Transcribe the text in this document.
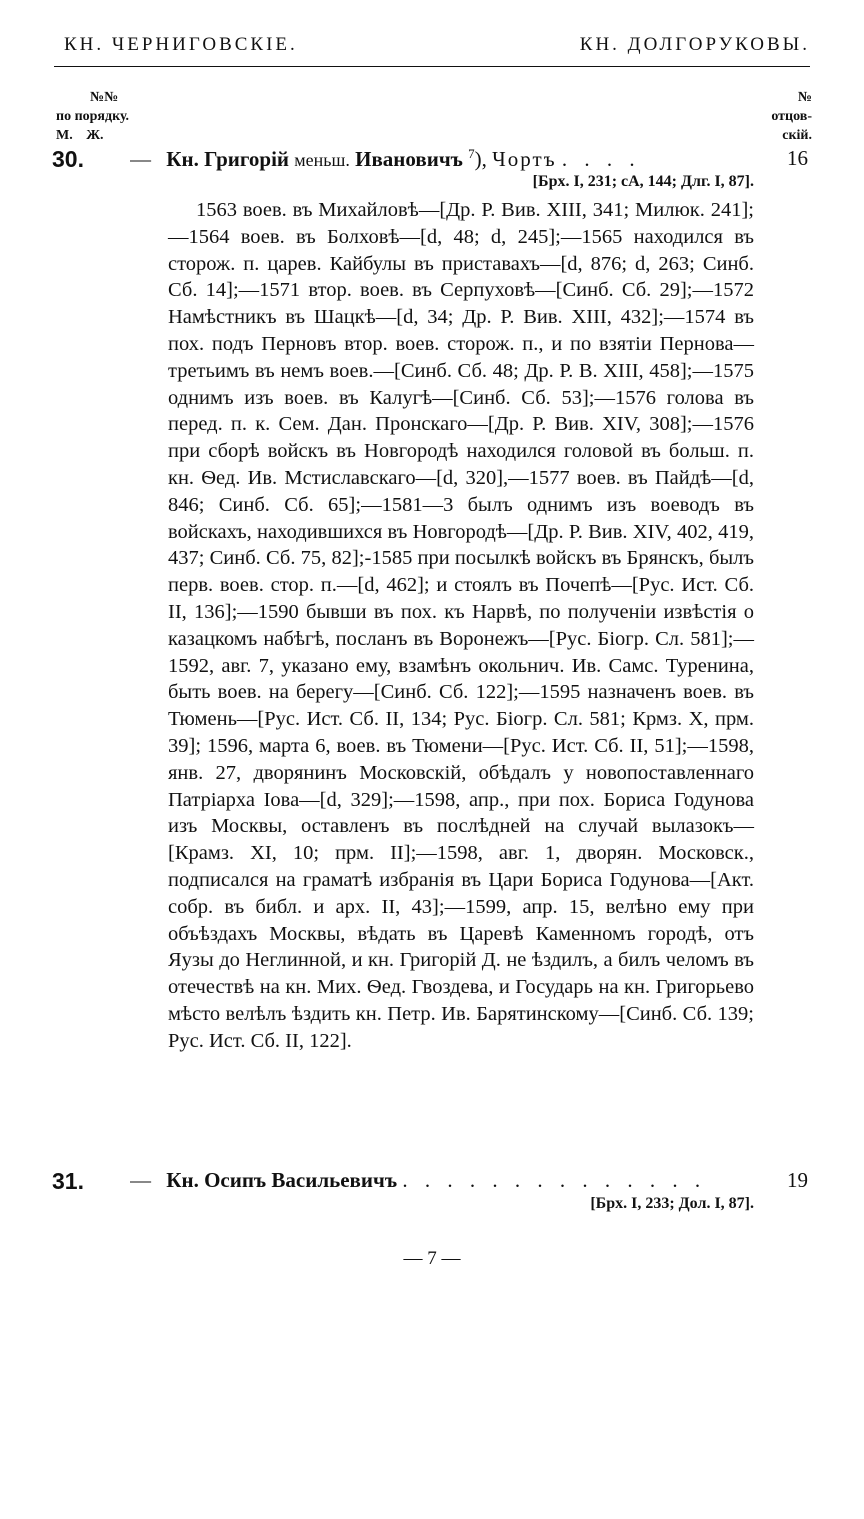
КН. ЧЕРНИГОВСКІЕ.	КН. ДОЛГОРУКОВЫ.
№№
по порядку.
М. Ж.
№
отцов-
скій.
30. — Кн. Григорій меньш. Ивановичъ $^7$), Чортъ . . . .	16
[Брх. I, 231; сА, 144; Длг. I, 87].
1563 воев. въ Михайловѣ—[Др. Р. Вив. XIII, 341; Милюк. 241];—1564 воев. въ Болховѣ—[d, 48; d, 245];—1565 находился въ сторож. п. царев. Кайбулы въ приставахъ—[d, 876; d, 263; Синб. Сб. 14];—1571 втор. воев. въ Серпуховѣ—[Синб. Сб. 29];—1572 Намѣстникъ въ Шацкѣ—[d, 34; Др. Р. Вив. XIII, 432];—1574 въ пох. подъ Перновъ втор. воев. сторож. п., и по взятіи Пернова—третьимъ въ немъ воев.—[Синб. Сб. 48; Др. Р. В. XIII, 458];—1575 однимъ изъ воев. въ Калугѣ—[Синб. Сб. 53];—1576 голова въ перед. п. к. Сем. Дан. Пронскаго—[Др. Р. Вив. XIV, 308];—1576 при сборѣ войскъ въ Новгородѣ находился головой въ больш. п. кн. Ѳед. Ив. Мстиславскаго—[d, 320],—1577 воев. въ Пайдѣ—[d, 846; Синб. Сб. 65];—1581—3 былъ однимъ изъ воеводъ въ войскахъ, находившихся въ Новгородѣ—[Др. Р. Вив. XIV, 402, 419, 437; Синб. Сб. 75, 82];-1585 при посылкѣ войскъ въ Брянскъ, былъ перв. воев. стор. п.—[d, 462]; и стоялъ въ Почепѣ—[Рус. Ист. Сб. II, 136];—1590 бывши въ пох. къ Нарвѣ, по полученіи извѣстія о казацкомъ набѣгѣ, посланъ въ Воронежъ—[Рус. Біогр. Сл. 581];—1592, авг. 7, указано ему, взамѣнъ окольнич. Ив. Самс. Туренина, быть воев. на берегу—[Синб. Сб. 122];—1595 назначенъ воев. въ Тюмень—[Рус. Ист. Сб. II, 134; Рус. Біогр. Сл. 581; Крмз. X, прм. 39]; 1596, марта 6, воев. въ Тюмени—[Рус. Ист. Сб. II, 51];—1598, янв. 27, дворянинъ Московскій, обѣдалъ у новопоставленнаго Патріарха Іова—[d, 329];—1598, апр., при пох. Бориса Годунова изъ Москвы, оставленъ въ послѣдней на случай вылазокъ—[Крамз. XI, 10; прм. II];—1598, авг. 1, дворян. Московск., подписался на граматѣ избранія въ Цари Бориса Годунова—[Акт. собр. въ библ. и арх. II, 43];—1599, апр. 15, велѣно ему при объѣздахъ Москвы, вѣдать въ Царевѣ Каменномъ городѣ, отъ Яузы до Неглинной, и кн. Григорій Д. не ѣздилъ, а билъ челомъ въ отечествѣ на кн. Мих. Ѳед. Гвоздева, и Государь на кн. Григорьево мѣсто велѣлъ ѣздить кн. Петр. Ив. Барятинскому—[Синб. Сб. 139; Рус. Ист. Сб. II, 122].
31. — Кн. Осипъ Васильевичъ . . . . . . . . . . . . . .	19
[Брх. I, 233; Дол. I, 87].
— 7 —
